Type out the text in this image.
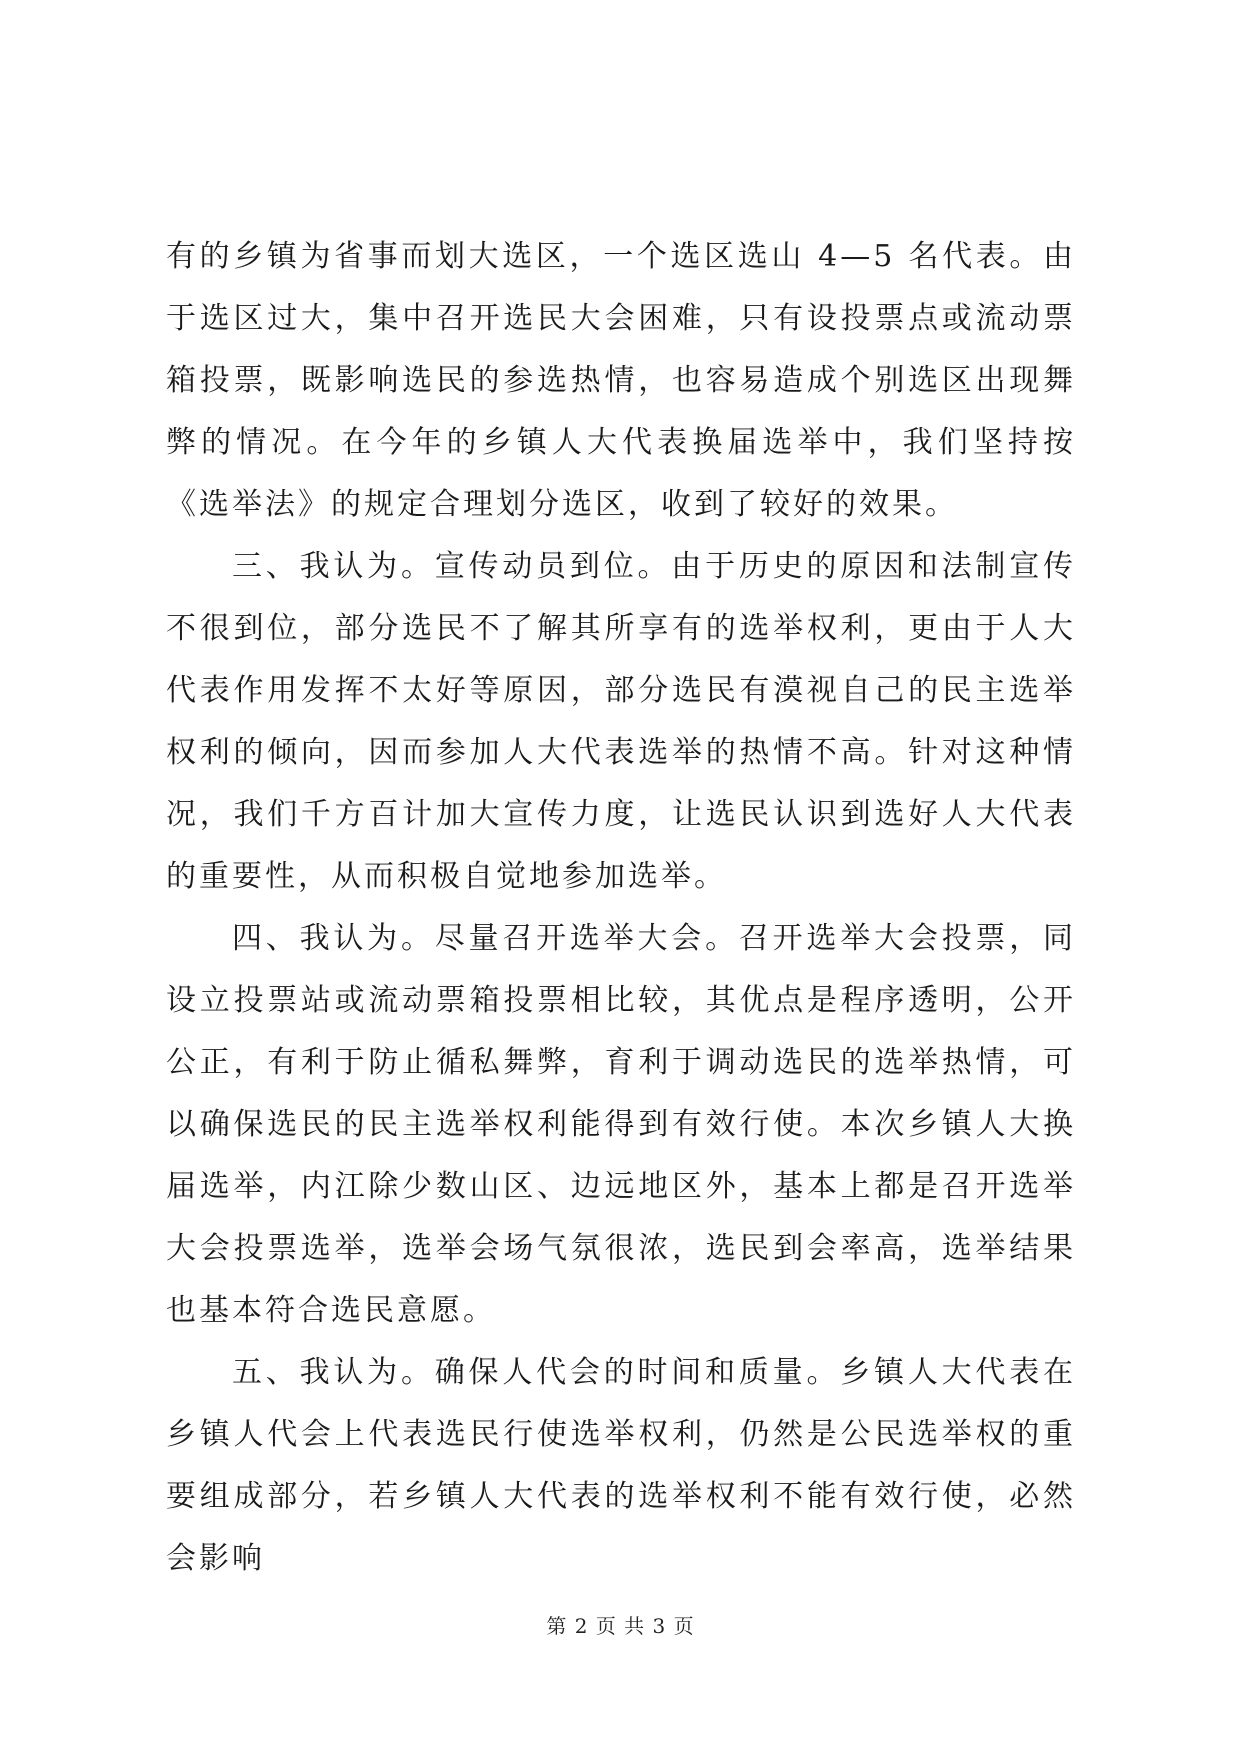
有的乡镇为省事而划大选区，一个选区选山 4—5 名代表。由于选区过大，集中召开选民大会困难，只有设投票点或流动票箱投票，既影响选民的参选热情，也容易造成个别选区出现舞弊的情况。在今年的乡镇人大代表换届选举中，我们坚持按《选举法》的规定合理划分选区，收到了较好的效果。

三、我认为。宣传动员到位。由于历史的原因和法制宣传不很到位，部分选民不了解其所享有的选举权利，更由于人大代表作用发挥不太好等原因，部分选民有漠视自己的民主选举权利的倾向，因而参加人大代表选举的热情不高。针对这种情况，我们千方百计加大宣传力度，让选民认识到选好人大代表的重要性，从而积极自觉地参加选举。

四、我认为。尽量召开选举大会。召开选举大会投票，同设立投票站或流动票箱投票相比较，其优点是程序透明，公开公正，有利于防止循私舞弊，育利于调动选民的选举热情，可以确保选民的民主选举权利能得到有效行使。本次乡镇人大换届选举，内江除少数山区、边远地区外，基本上都是召开选举大会投票选举，选举会场气氛很浓，选民到会率高，选举结果也基本符合选民意愿。

五、我认为。确保人代会的时间和质量。乡镇人大代表在乡镇人代会上代表选民行使选举权利，仍然是公民选举权的重要组成部分，若乡镇人大代表的选举权利不能有效行使，必然会影响

第 2 页 共 3 页
